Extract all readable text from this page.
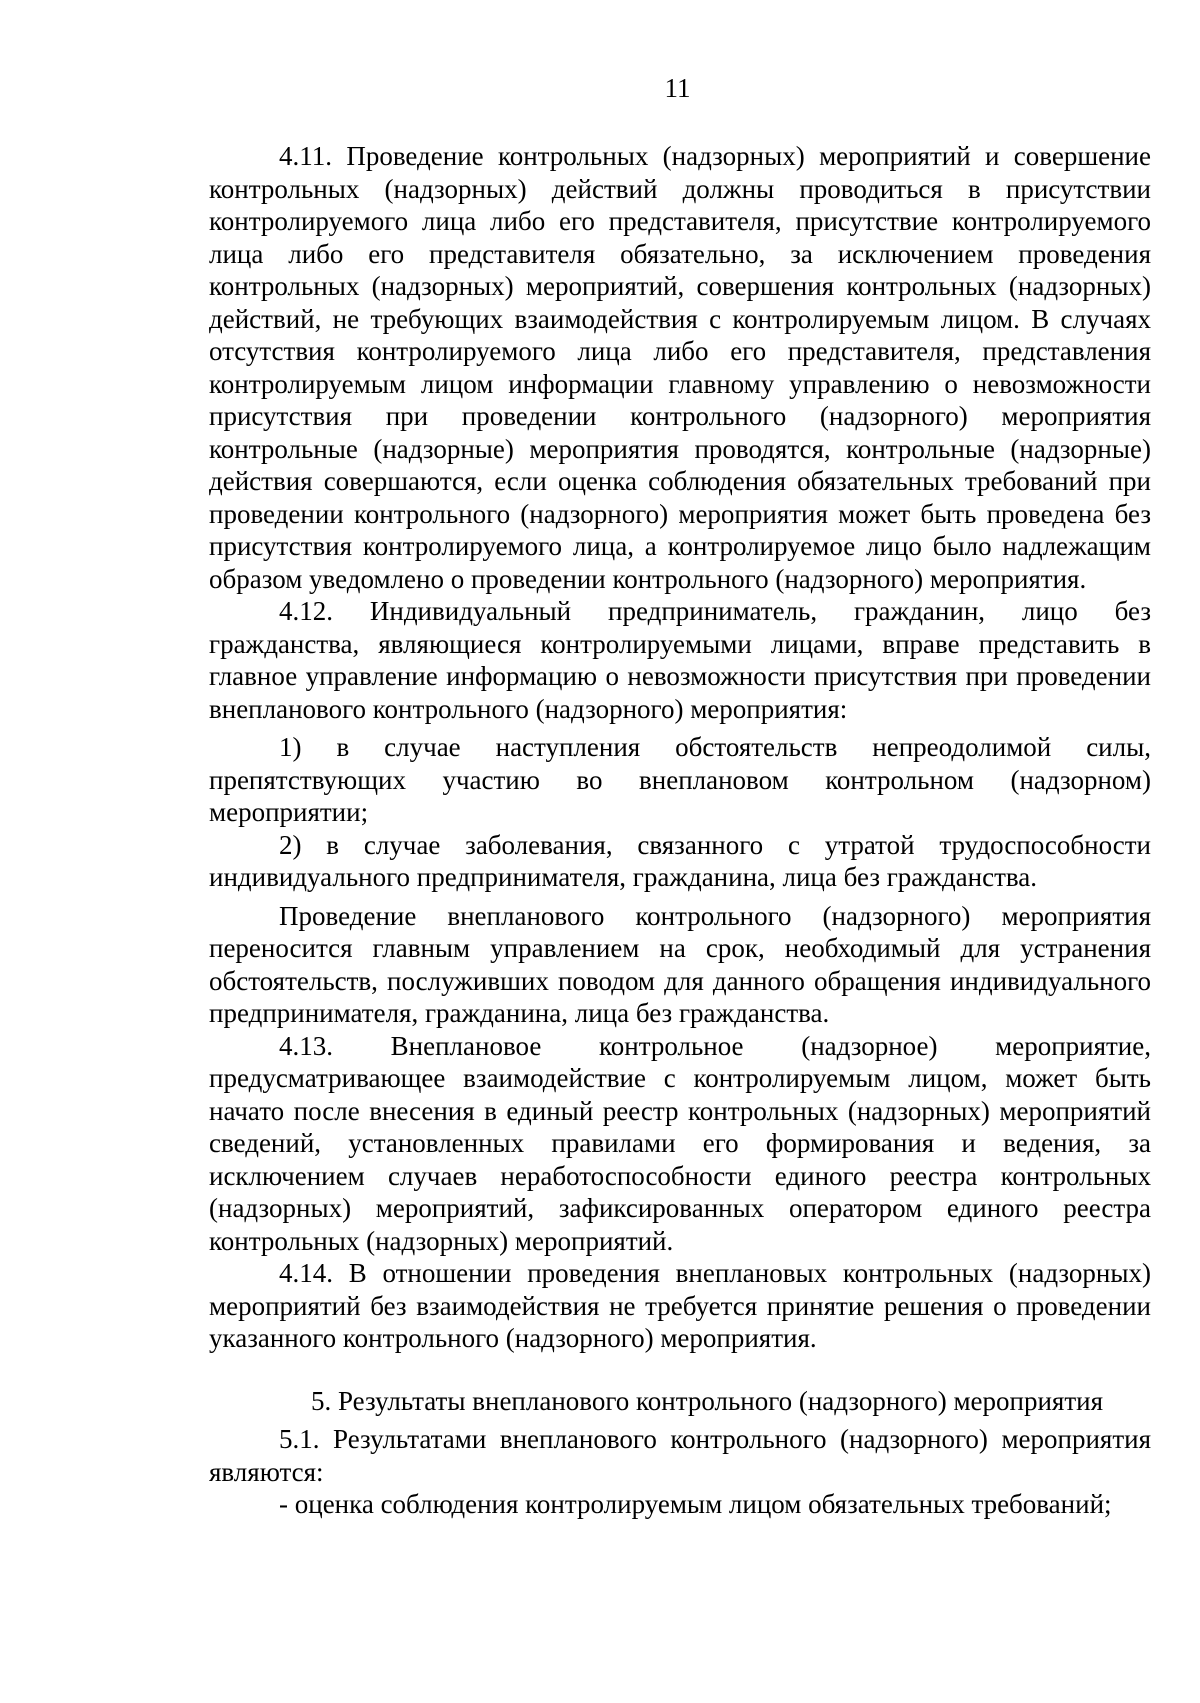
11

4.11. Проведение контрольных (надзорных) мероприятий и совершение контрольных (надзорных) действий должны проводиться в присутствии контролируемого лица либо его представителя, присутствие контролируемого лица либо его представителя обязательно, за исключением проведения контрольных (надзорных) мероприятий, совершения контрольных (надзорных) действий, не требующих взаимодействия с контролируемым лицом. В случаях отсутствия контролируемого лица либо его представителя, представления контролируемым лицом информации главному управлению о невозможности присутствия при проведении контрольного (надзорного) мероприятия контрольные (надзорные) мероприятия проводятся, контрольные (надзорные) действия совершаются, если оценка соблюдения обязательных требований при проведении контрольного (надзорного) мероприятия может быть проведена без присутствия контролируемого лица, а контролируемое лицо было надлежащим образом уведомлено о проведении контрольного (надзорного) мероприятия.

4.12. Индивидуальный предприниматель, гражданин, лицо без гражданства, являющиеся контролируемыми лицами, вправе представить в главное управление информацию о невозможности присутствия при проведении внепланового контрольного (надзорного) мероприятия:

1) в случае наступления обстоятельств непреодолимой силы, препятствующих участию во внеплановом контрольном (надзорном) мероприятии;

2) в случае заболевания, связанного с утратой трудоспособности индивидуального предпринимателя, гражданина, лица без гражданства.

Проведение внепланового контрольного (надзорного) мероприятия переносится главным управлением на срок, необходимый для устранения обстоятельств, послуживших поводом для данного обращения индивидуального предпринимателя, гражданина, лица без гражданства.

4.13. Внеплановое контрольное (надзорное) мероприятие, предусматривающее взаимодействие с контролируемым лицом, может быть начато после внесения в единый реестр контрольных (надзорных) мероприятий сведений, установленных правилами его формирования и ведения, за исключением случаев неработоспособности единого реестра контрольных (надзорных) мероприятий, зафиксированных оператором единого реестра контрольных (надзорных) мероприятий.

4.14. В отношении проведения внеплановых контрольных (надзорных) мероприятий без взаимодействия не требуется принятие решения о проведении указанного контрольного (надзорного) мероприятия.

5. Результаты внепланового контрольного (надзорного) мероприятия

5.1. Результатами внепланового контрольного (надзорного) мероприятия являются:

- оценка соблюдения контролируемым лицом обязательных требований;
